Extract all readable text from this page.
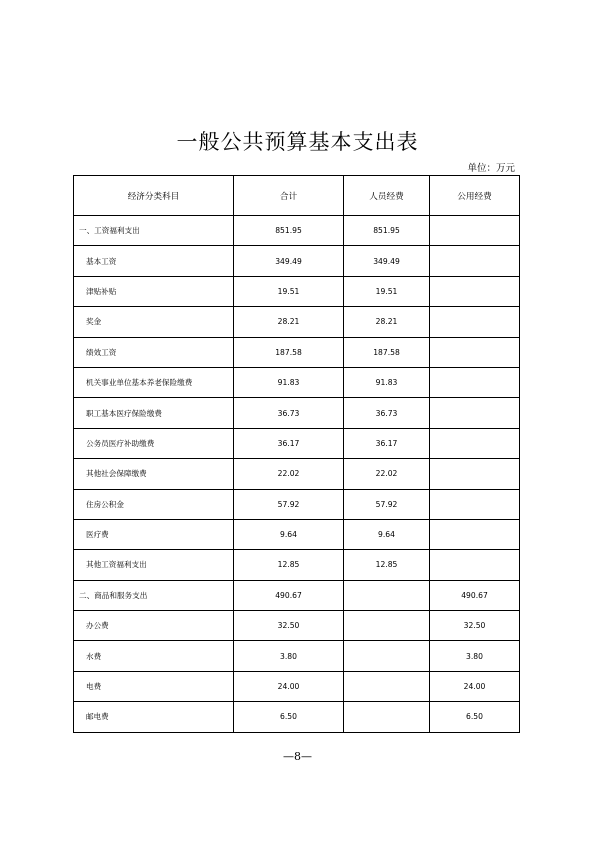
一般公共预算基本支出表
单位：万元
经济分类科目	合计	人员经费	公用经费
一、工资福利支出	851.95	851.95	
基本工资	349.49	349.49	
津贴补贴	19.51	19.51	
奖金	28.21	28.21	
绩效工资	187.58	187.58	
机关事业单位基本养老保险缴费	91.83	91.83	
职工基本医疗保险缴费	36.73	36.73	
公务员医疗补助缴费	36.17	36.17	
其他社会保障缴费	22.02	22.02	
住房公积金	57.92	57.92	
医疗费	9.64	9.64	
其他工资福利支出	12.85	12.85	
二、商品和服务支出	490.67		490.67
办公费	32.50		32.50
水费	3.80		3.80
电费	24.00		24.00
邮电费	6.50		6.50
—8—
